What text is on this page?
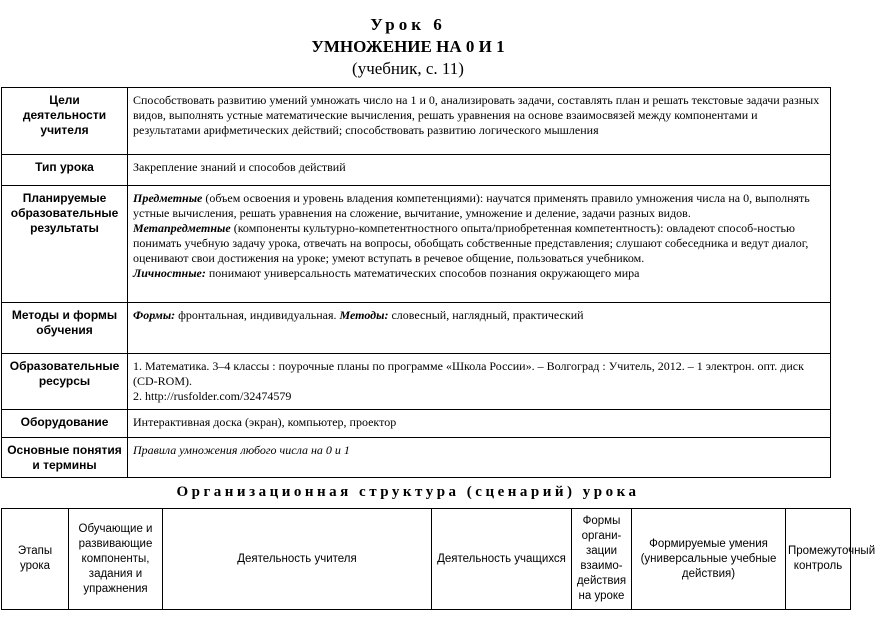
Урок 6
УМНОЖЕНИЕ НА 0 И 1
(учебник, с. 11)
Цели деятельности учителя	Способствовать развитию умений умножать число на 1 и 0, анализировать задачи, составлять план и решать текстовые задачи разных видов, выполнять устные математические вычисления, решать уравнения на основе взаимосвязей между компонентами и результатами арифметических действий; способствовать развитию логического мышления
Тип урока	Закрепление знаний и способов действий
Планируемые образовательные результаты	Предметные (объем освоения и уровень владения компетенциями): научатся применять правило умножения числа на 0, выполнять устные вычисления, решать уравнения на сложение, вычитание, умножение и деление, задачи разных видов.
Метапредметные (компоненты культурно-компетентностного опыта/приобретенная компетентность): овладеют способ-ностью понимать учебную задачу урока, отвечать на вопросы, обобщать собственные представления; слушают собеседника и ведут диалог, оценивают свои достижения на уроке; умеют вступать в речевое общение, пользоваться учебником.
Личностные: понимают универсальность математических способов познания окружающего мира
Методы и формы обучения	Формы: фронтальная, индивидуальная. Методы: словесный, наглядный, практический
Образовательные ресурсы	1. Математика. 3–4 классы : поурочные планы по программе «Школа России». – Волгоград : Учитель, 2012. – 1 электрон. опт. диск (CD-ROM).
2. http://rusfolder.com/32474579
Оборудование	Интерактивная доска (экран), компьютер, проектор
Основные понятия и термины	Правила умножения любого числа на 0 и 1
Организационная структура (сценарий) урока
Этапы урока	Обучающие и развивающие компоненты, задания и упражнения	Деятельность учителя	Деятельность учащихся	Формы органи-зации взаимо-действия на уроке	Формируемые умения (универсальные учебные действия)	Промежуточный контроль
